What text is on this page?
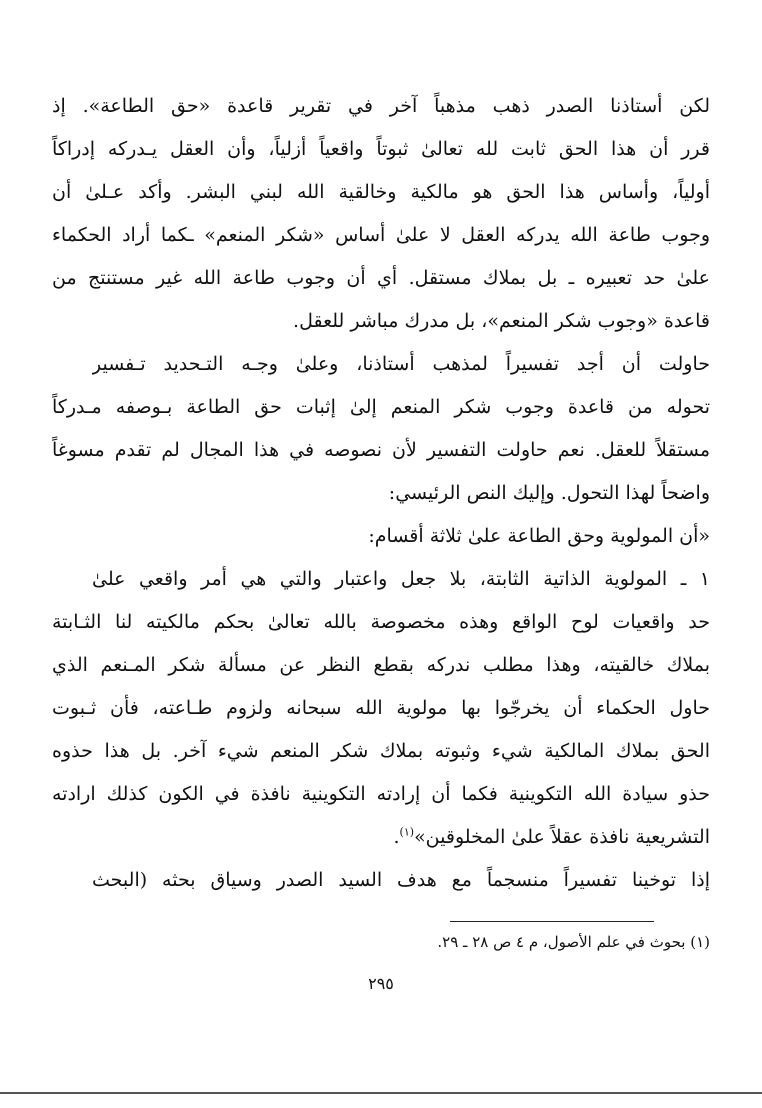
لكن أستاذنا الصدر ذهب مذهباً آخر في تقرير قاعدة «حق الطاعة». إذ
قرر أن هذا الحق ثابت لله تعالىٰ ثبوتاً واقعياً أزلياً، وأن العقل يـدركه إدراكاً
أولياً، وأساس هذا الحق هو مالكية وخالقية الله لبني البشر. وأكد عـلىٰ أن
وجوب طاعة الله يدركه العقل لا علىٰ أساس «شكر المنعم» ـكما أراد الحكماء
علىٰ حد تعبيره ـ بل بملاك مستقل. أي أن وجوب طاعة الله غير مستنتج من
قاعدة «وجوب شكر المنعم»، بل مدرك مباشر للعقل.
حاولت أن أجد تفسيراً لمذهب أستاذنا، وعلىٰ وجـه التـحديد تـفسير
تحوله من قاعدة وجوب شكر المنعم إلىٰ إثبات حق الطاعة بـوصفه مـدركاً
مستقلاً للعقل. نعم حاولت التفسير لأن نصوصه في هذا المجال لم تقدم مسوغاً
واضحاً لهذا التحول. وإليك النص الرئيسي:
«أن المولوية وحق الطاعة علىٰ ثلاثة أقسام:
١ ـ المولوية الذاتية الثابتة، بلا جعل واعتبار والتي هي أمر واقعي علىٰ
حد واقعيات لوح الواقع وهذه مخصوصة بالله تعالىٰ بحكم مالكيته لنا الثـابتة
بملاك خالقيته، وهذا مطلب ندركه بقطع النظر عن مسألة شكر المـنعم الذي
حاول الحكماء أن يخرجّوا بها مولوية الله سبحانه ولزوم طـاعته، فأن ثـبوت
الحق بملاك المالكية شيء وثبوته بملاك شكر المنعم شيء آخر. بل هذا حذوه
حذو سيادة الله التكوينية فكما أن إرادته التكوينية نافذة في الكون كذلك ارادته
التشريعية نافذة عقلاً علىٰ المخلوقين»$^{(١)}$.
إذا توخينا تفسيراً منسجماً مع هدف السيد الصدر وسياق بحثه (البحث
(١) بحوث في علم الأصول، م ٤ ص ٢٨ ـ ٢٩.
٢٩٥
